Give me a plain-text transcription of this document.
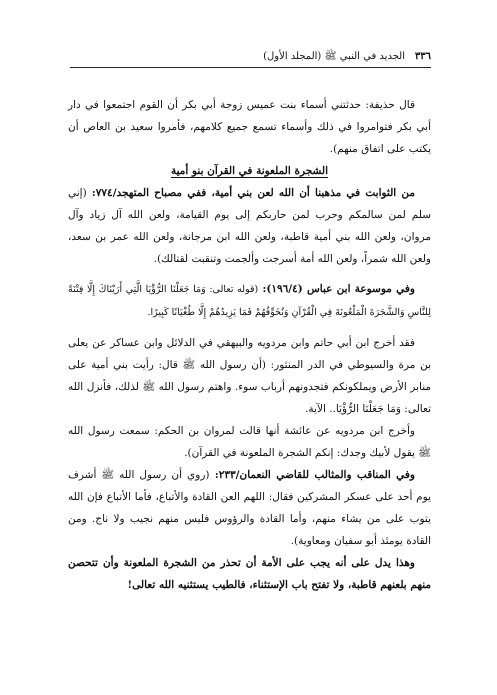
٣٣٦
الجديد في النبي ﷺ (المجلد الأول)

قال حذيفة: حدثتني أسماء بنت عميس زوجة أبي بكر أن القوم اجتمعوا في دار أبي بكر فتوامروا في ذلك وأسماء تسمع جميع كلامهم، فأمروا سعيد بن العاص أن يكتب على اتفاق منهم).

الشجرة الملعونة في القرآن بنو أمية

من الثوابت في مذهبنا أن الله لعن بني أمية، ففي مصباح المتهجد/٧٧٤: (إني سلم لمن سالمكم وحرب لمن حاربكم إلى يوم القيامة، ولعن الله آل زياد وآل مروان، ولعن الله بني أمية قاطبة، ولعن الله ابن مرجانة، ولعن الله عمر بن سعد، ولعن الله شمراً، ولعن الله أمة أسرجت وألجمت وتنقبت لقتالك).

وفي موسوعة ابن عباس (١٩٦/٤): (قوله تعالى: وَمَا جَعَلْنَا الرُّؤْيَا الَّتِي أَرَيْنَاكَ إِلَّا فِتْنَةً لِلنَّاسِ وَالشَّجَرَةَ الْمَلْعُونَةَ فِي الْقُرْآنِ وَنُخَوِّفُهُمْ فَمَا يَزِيدُهُمْ إِلَّا طُغْيَانًا كَبِيرًا.

فقد أخرج ابن أبي حاتم وابن مردويه والبيهقي في الدلائل وابن عساكر عن يعلى بن مرة والسيوطي في الدر المنثور: (أن رسول الله ﷺ قال: رأيت بني أمية على منابر الأرض ويملكونكم فتجدونهم أرباب سوء. واهتم رسول الله ﷺ لذلك، فأنزل الله تعالى: وَمَا جَعَلْنَا الرُّؤْيَا.. الآية.

وأخرج ابن مردويه عن عائشة أنها قالت لمروان بن الحكم: سمعت رسول الله ﷺ يقول لأبيك وجدك: إنكم الشجرة الملعونة في القرآن).

وفي المناقب والمثالب للقاضي النعمان/٢٣٣: (روي أن رسول الله ﷺ أشرف يوم أحد على عسكر المشركين فقال: اللهم العن القادة والأتباع، فأما الأتباع فإن الله يتوب على من يشاء منهم، وأما القادة والرؤوس فليس منهم نجيب ولا ناج. ومن القادة يومئذ أبو سفيان ومعاوية).

وهذا يدل على أنه يجب على الأمة أن تحذر من الشجرة الملعونة وأن تتحصن منهم بلعنهم قاطبة، ولا تفتح باب الإستثناء، فالطيب يستثنيه الله تعالى!
